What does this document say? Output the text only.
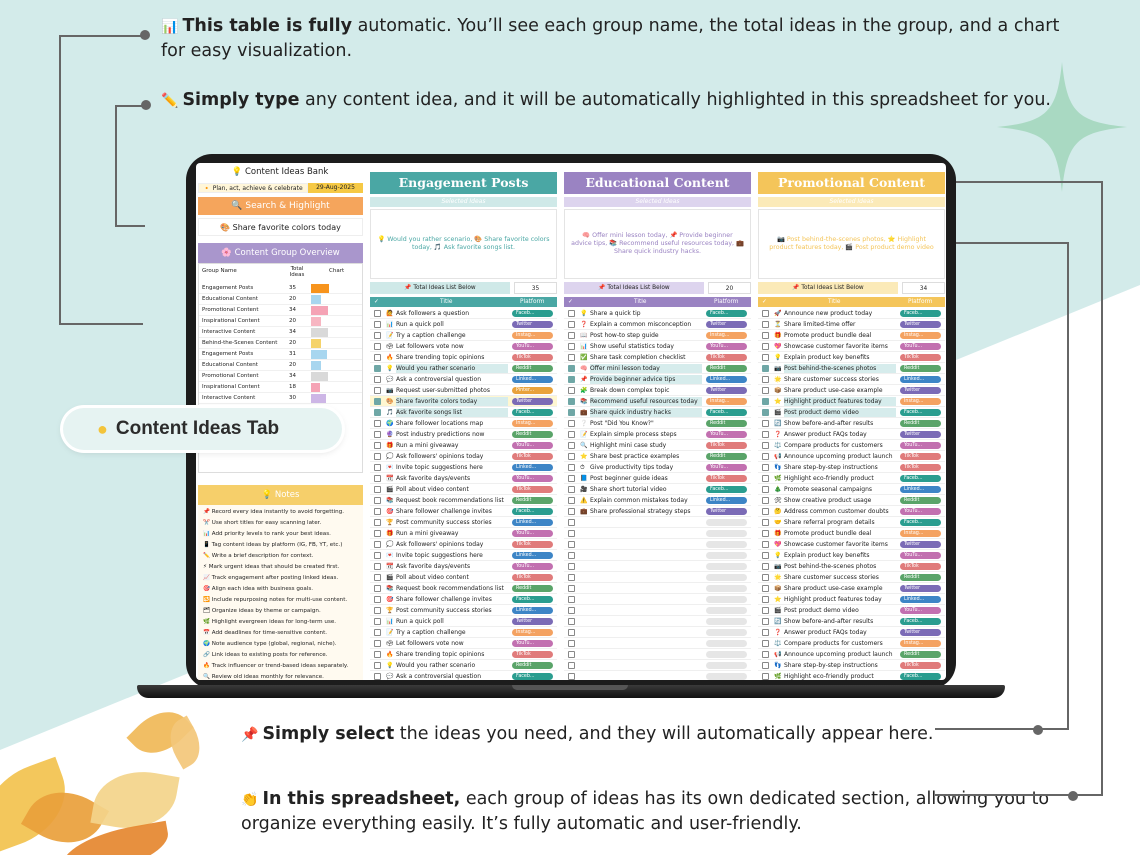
📊 This table is fully automatic. You’ll see each group name, the total ideas in the group, and a chart
for easy visualization.
✏️ Simply type any content idea, and it will be automatically highlighted in this spreadsheet for you.
📌 Simply select the ideas you need, and they will automatically appear here.
👏 In this spreadsheet, each group of ideas has its own dedicated section, allowing you to
organize everything easily. It’s fully automatic and user-friendly.
💡 Content Ideas Bank
🔸 Plan, act, achieve & celebrate	29-Aug-2025
🔍 Search & Highlight
🎨 Share favorite colors today
🌸 Content Group Overview
Group Name	Total Ideas
Chart
Engagement Posts	35
Educational Content	20
Promotional Content	34
Inspirational Content	20
Interactive Content	34
Behind-the-Scenes Content 20
Engagement Posts	31
Educational Content	20
Promotional Content	34
Inspirational Content	18
Interactive Content	30
💡 Notes
📌 Record every idea instantly to avoid forgetting.
✂️ Use short titles for easy scanning later.
📊 Add priority levels to rank your best ideas.
📱 Tag content ideas by platform (IG, FB, YT, etc.)
✏️ Write a brief description for context.
⚡ Mark urgent ideas that should be created first.
📈 Track engagement after posting linked ideas.
🎯 Align each idea with business goals.
🔁 Include repurposing notes for multi-use content.
🗂 Organize ideas by theme or campaign.
🌿 Highlight evergreen ideas for long-term use.
📅 Add deadlines for time-sensitive content.
🌍 Note audience type (global, regional, niche).
🔗 Link ideas to existing posts for reference.
🔥 Track influencer or trend-based ideas separately.
🔍 Review old ideas monthly for relevance.
Engagement Posts
Selected Ideas
💡 Would you rather scenario, 🎨 Share favorite colors today, 🎵 Ask favorite songs list.
📌 Total Ideas List Below	35
✓	Title	Platform
🙋 Ask followers a question	Faceb...
📊 Run a quick poll	Twitter
📝 Try a caption challenge	Instag...
🗳 Let followers vote now	YouTu...
🔥 Share trending topic opinions	TikTok
💡 Would you rather scenario	Reddit
💬 Ask a controversial question	Linked...
📷 Request user-submitted photos	Pinter...
🎨 Share favorite colors today	Twitter
🎵 Ask favorite songs list	Faceb...
🌍 Share follower locations map	Instag...
🔮 Post industry predictions now	Reddit
🎁 Run a mini giveaway	YouTu...
💭 Ask followers' opinions today	TikTok
💌 Invite topic suggestions here	Linked...
📆 Ask favorite days/events	YouTu...
🎬 Poll about video content	TikTok
📚 Request book recommendations list	Reddit
🎯 Share follower challenge invites	Faceb...
🏆 Post community success stories	Linked...
🎁 Run a mini giveaway	YouTu...
💭 Ask followers' opinions today	TikTok
💌 Invite topic suggestions here	Linked...
📆 Ask favorite days/events	YouTu...
🎬 Poll about video content	TikTok
📚 Request book recommendations list	Reddit
🎯 Share follower challenge invites	Faceb...
🏆 Post community success stories	Linked...
📊 Run a quick poll	Twitter
📝 Try a caption challenge	Instag...
🗳 Let followers vote now	YouTu...
🔥 Share trending topic opinions	TikTok
💡 Would you rather scenario	Reddit
💬 Ask a controversial question	Faceb...
Educational Content
Selected Ideas
🧠 Offer mini lesson today, 📌 Provide beginner advice tips, 📚 Recommend useful resources today, 💼 Share quick industry hacks.
📌 Total Ideas List Below	20
✓	Title	Platform
💡 Share a quick tip	Faceb...
❓ Explain a common misconception	Twitter
📖 Post how-to step guide	Instag...
📊 Show useful statistics today	YouTu...
✅ Share task completion checklist	TikTok
🧠 Offer mini lesson today	Reddit
📌 Provide beginner advice tips	Linked...
🧩 Break down complex topic	Twitter
📚 Recommend useful resources today	Instag...
💼 Share quick industry hacks	Faceb...
❔ Post "Did You Know?"	Reddit
📝 Explain simple process steps	YouTu...
🔍 Highlight mini case study	TikTok
⭐ Share best practice examples	Reddit
⏱ Give productivity tips today	YouTu...
📘 Post beginner guide ideas	TikTok
🎥 Share short tutorial video	Faceb...
⚠️ Explain common mistakes today	Linked...
💼 Share professional strategy steps	Twitter
Promotional Content
Selected Ideas
📷 Post behind-the-scenes photos, ⭐ Highlight product features today, 🎬 Post product demo video
📌 Total Ideas List Below	34
✓	Title	Platform
🚀 Announce new product today	Faceb...
⏳ Share limited-time offer	Twitter
🎁 Promote product bundle deal	Instag...
💖 Showcase customer favorite items	YouTu...
💡 Explain product key benefits	TikTok
📷 Post behind-the-scenes photos	Reddit
🌟 Share customer success stories	Linked...
📦 Share product use-case example	Twitter
⭐ Highlight product features today	Instag...
🎬 Post product demo video	Faceb...
🔄 Show before-and-after results	Reddit
❓ Answer product FAQs today	Twitter
⚖️ Compare products for customers	YouTu...
📢 Announce upcoming product launch	TikTok
👣 Share step-by-step instructions	TikTok
🌿 Highlight eco-friendly product	Faceb...
🎄 Promote seasonal campaigns	Linked...
🛠 Show creative product usage	Reddit
🤔 Address common customer doubts	YouTu...
🤝 Share referral program details	Faceb...
🎁 Promote product bundle deal	Instag...
💖 Showcase customer favorite items	Twitter
💡 Explain product key benefits	YouTu...
📷 Post behind-the-scenes photos	TikTok
🌟 Share customer success stories	Reddit
📦 Share product use-case example	Twitter
⭐ Highlight product features today	Linked...
🎬 Post product demo video	YouTu...
🔄 Show before-and-after results	Faceb...
❓ Answer product FAQs today	Twitter
⚖️ Compare products for customers	Instag...
📢 Announce upcoming product launch	Reddit
👣 Share step-by-step instructions	TikTok
🌿 Highlight eco-friendly product	Faceb...
● Content Ideas Tab
